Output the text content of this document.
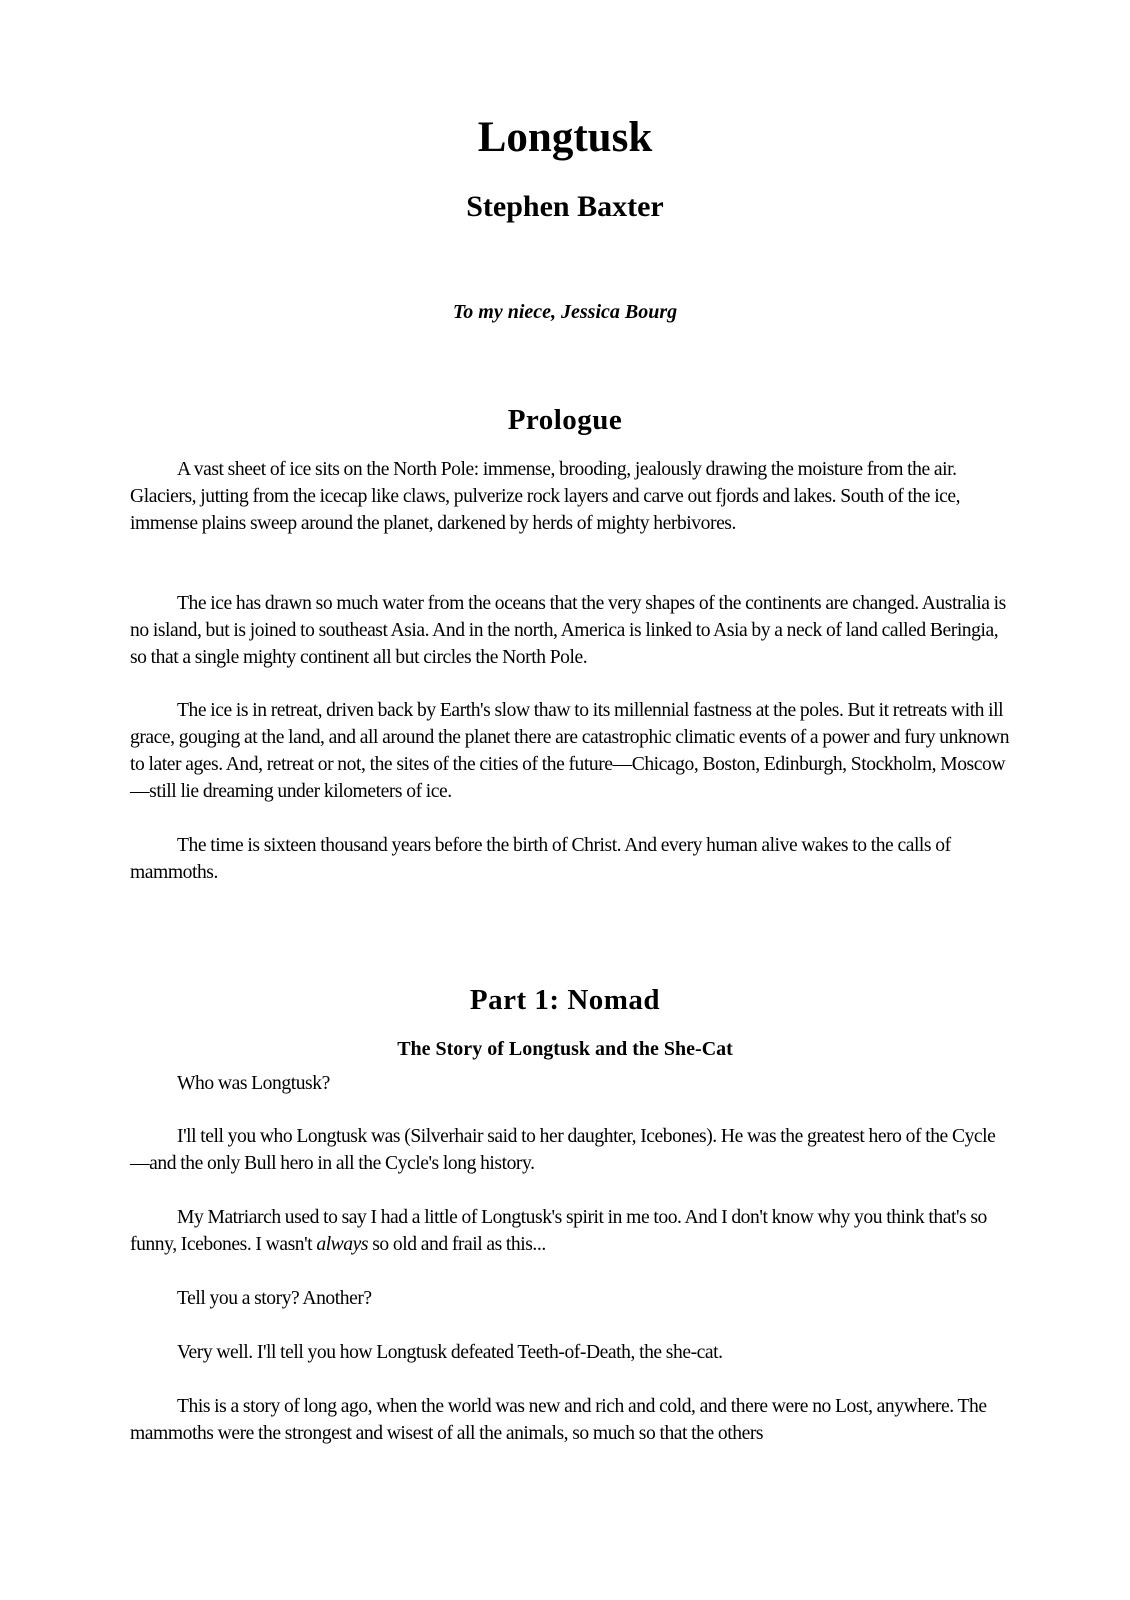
Longtusk
Stephen Baxter

To my niece, Jessica Bourg

Prologue

A vast sheet of ice sits on the North Pole: immense, brooding, jealously drawing the moisture from the air. Glaciers, jutting from the icecap like claws, pulverize rock layers and carve out fjords and lakes. South of the ice, immense plains sweep around the planet, darkened by herds of mighty herbivores.

The ice has drawn so much water from the oceans that the very shapes of the continents are changed. Australia is no island, but is joined to southeast Asia. And in the north, America is linked to Asia by a neck of land called Beringia, so that a single mighty continent all but circles the North Pole.

The ice is in retreat, driven back by Earth's slow thaw to its millennial fastness at the poles. But it retreats with ill grace, gouging at the land, and all around the planet there are catastrophic climatic events of a power and fury unknown to later ages. And, retreat or not, the sites of the cities of the future—Chicago, Boston, Edinburgh, Stockholm, Moscow—still lie dreaming under kilometers of ice.

The time is sixteen thousand years before the birth of Christ. And every human alive wakes to the calls of mammoths.

Part 1: Nomad
The Story of Longtusk and the She-Cat

Who was Longtusk?

I'll tell you who Longtusk was (Silverhair said to her daughter, Icebones). He was the greatest hero of the Cycle—and the only Bull hero in all the Cycle's long history.

My Matriarch used to say I had a little of Longtusk's spirit in me too. And I don't know why you think that's so funny, Icebones. I wasn't always so old and frail as this...

Tell you a story? Another?

Very well. I'll tell you how Longtusk defeated Teeth-of-Death, the she-cat.

This is a story of long ago, when the world was new and rich and cold, and there were no Lost, anywhere. The mammoths were the strongest and wisest of all the animals, so much so that the others
